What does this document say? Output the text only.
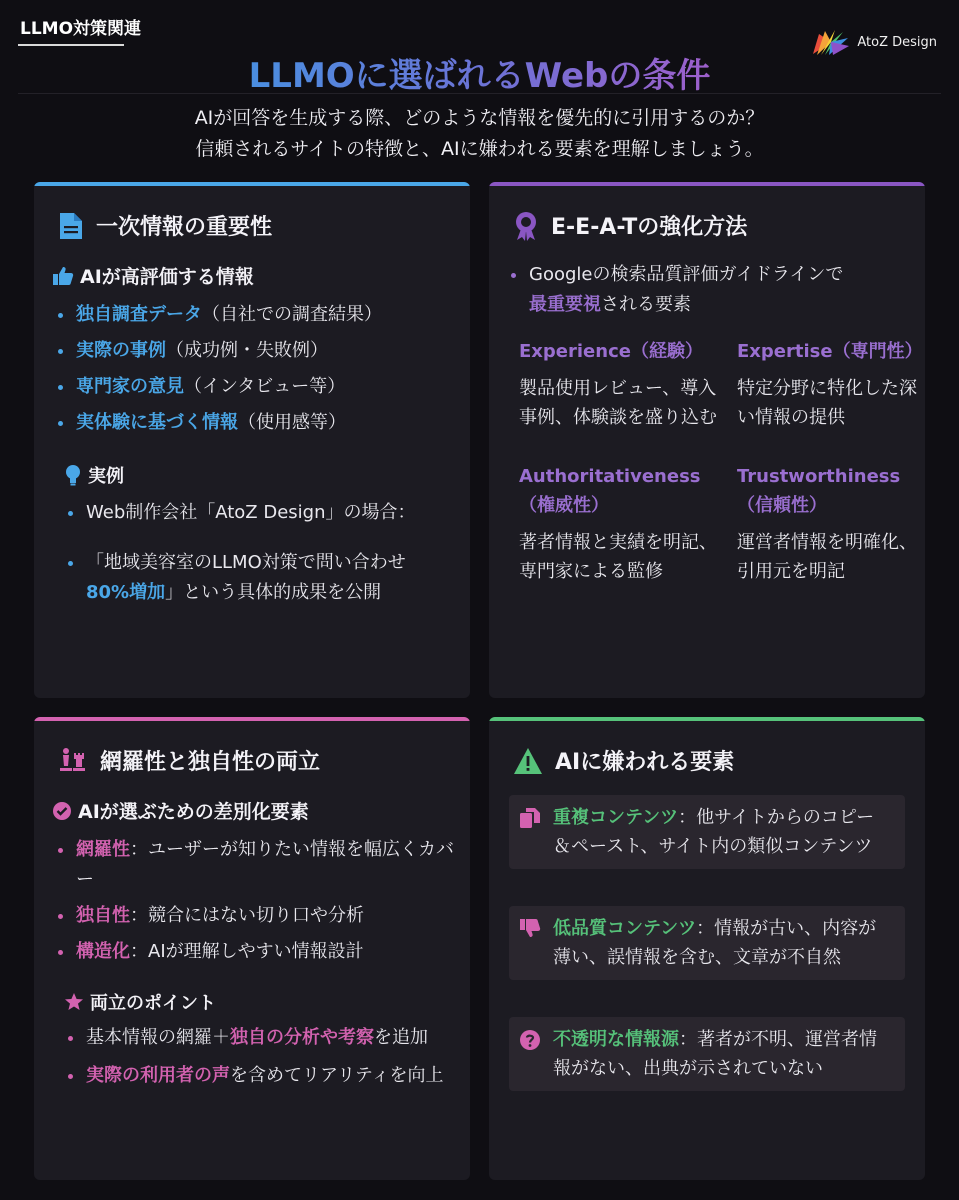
LLMO対策関連
AtoZ Design
LLMOに選ばれるWebの条件
AIが回答を生成する際、どのような情報を優先的に引用するのか？
信頼されるサイトの特徴と、AIに嫌われる要素を理解しましょう。
一次情報の重要性
AIが高評価する情報
独自調査データ（自社での調査結果）
実際の事例（成功例・失敗例）
専門家の意見（インタビュー等）
実体験に基づく情報（使用感等）
実例
Web制作会社「AtoZ Design」の場合：
「地域美容室のLLMO対策で問い合わせ80%増加」という具体的成果を公開
E-E-A-Tの強化方法
Googleの検索品質評価ガイドラインで
最重要視される要素
Experience（経験）
製品使用レビュー、導入事例、体験談を盛り込む
Expertise（専門性）
特定分野に特化した深い情報の提供
Authoritativeness（権威性）
著者情報と実績を明記、専門家による監修
Trustworthiness（信頼性）
運営者情報を明確化、引用元を明記
網羅性と独自性の両立
AIが選ぶための差別化要素
網羅性：ユーザーが知りたい情報を幅広くカバー
独自性：競合にはない切り口や分析
構造化：AIが理解しやすい情報設計
両立のポイント
基本情報の網羅＋独自の分析や考察を追加
実際の利用者の声を含めてリアリティを向上
AIに嫌われる要素
重複コンテンツ：他サイトからのコピー＆ペースト、サイト内の類似コンテンツ
低品質コンテンツ：情報が古い、内容が薄い、誤情報を含む、文章が不自然
不透明な情報源：著者が不明、運営者情報がない、出典が示されていない
